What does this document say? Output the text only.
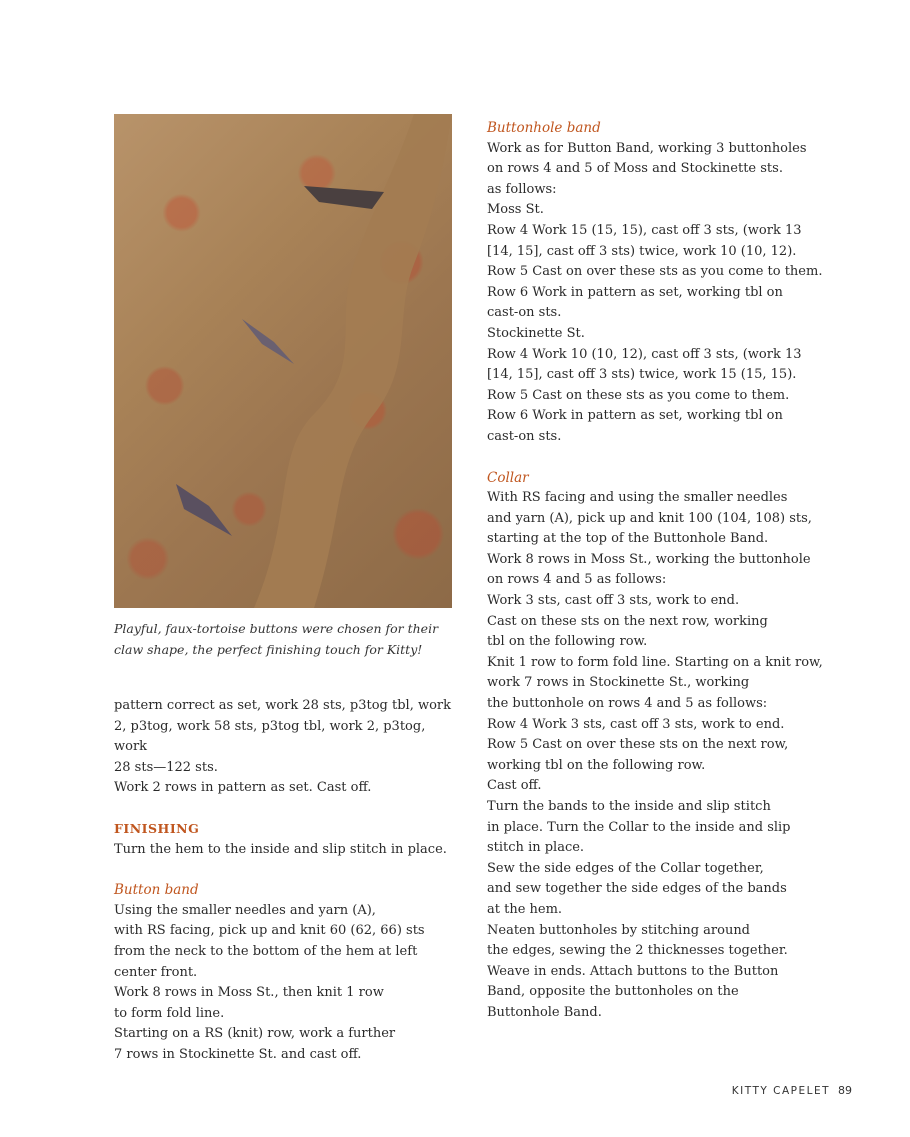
Playful, faux-tortoise buttons were chosen for their claw shape, the perfect finishing touch for Kitty!

pattern correct as set, work 28 sts, p3tog tbl, work

2, p3tog, work 58 sts, p3tog tbl, work 2, p3tog, work

28 sts—122 sts.

Work 2 rows in pattern as set. Cast off.

FINISHING

Turn the hem to the inside and slip stitch in place.

Button band

Using the smaller needles and yarn (A),

with RS facing, pick up and knit 60 (62, 66) sts

from the neck to the bottom of the hem at left

center front.

Work 8 rows in Moss St., then knit 1 row

to form fold line.

Starting on a RS (knit) row, work a further

7 rows in Stockinette St. and cast off.

Buttonhole band

Work as for Button Band, working 3 buttonholes

on rows 4 and 5 of Moss and Stockinette sts.

as follows:

Moss St.

Row 4 Work 15 (15, 15), cast off 3 sts, (work 13

[14, 15], cast off 3 sts) twice, work 10 (10, 12).

Row 5 Cast on over these sts as you come to them.

Row 6 Work in pattern as set, working tbl on

cast-on sts.

Stockinette St.

Row 4 Work 10 (10, 12), cast off 3 sts, (work 13

[14, 15], cast off 3 sts) twice, work 15 (15, 15).

Row 5 Cast on these sts as you come to them.

Row 6 Work in pattern as set, working tbl on

cast-on sts.

Collar

With RS facing and using the smaller needles

and yarn (A), pick up and knit 100 (104, 108) sts,

starting at the top of the Buttonhole Band.

Work 8 rows in Moss St., working the buttonhole

on rows 4 and 5 as follows:

Work 3 sts, cast off 3 sts, work to end.

Cast on these sts on the next row, working

tbl on the following row.

Knit 1 row to form fold line. Starting on a knit row,

work 7 rows in Stockinette St., working

the buttonhole on rows 4 and 5 as follows:

Row 4 Work 3 sts, cast off 3 sts, work to end.

Row 5 Cast on over these sts on the next row,

working tbl on the following row.

Cast off.

Turn the bands to the inside and slip stitch

in place. Turn the Collar to the inside and slip

stitch in place.

Sew the side edges of the Collar together,

and sew together the side edges of the bands

at the hem.

Neaten buttonholes by stitching around

the edges, sewing the 2 thicknesses together.

Weave in ends. Attach buttons to the Button

Band, opposite the buttonholes on the

Buttonhole Band.

KITTY CAPELET 89
